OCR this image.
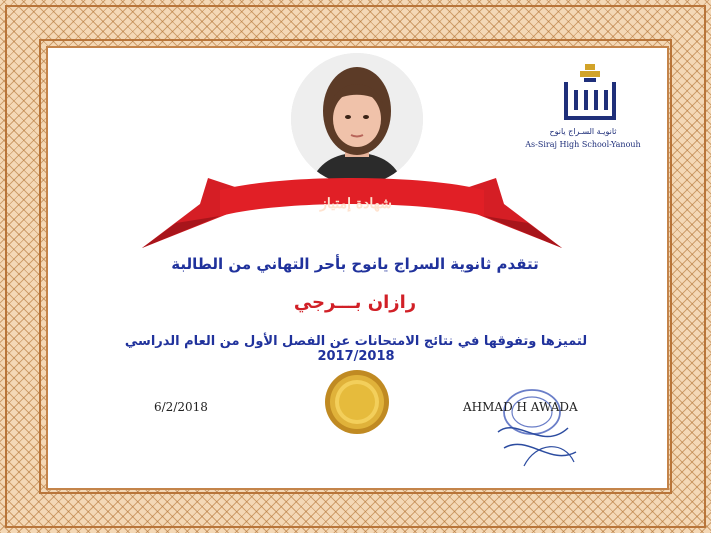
شهادة إمتياز
ثانويـة السـراج يانوح
As-Siraj High School-Yanouh
تتقدم ثانوية السراج يانوح بأحر التهاني من الطالبة
رازان بـــرجي
لتميزها وتفوقها في نتائج الامتحانات عن الفصل الأول من العام الدراسي 2017/2018
6/2/2018	AHMAD H AWADA
